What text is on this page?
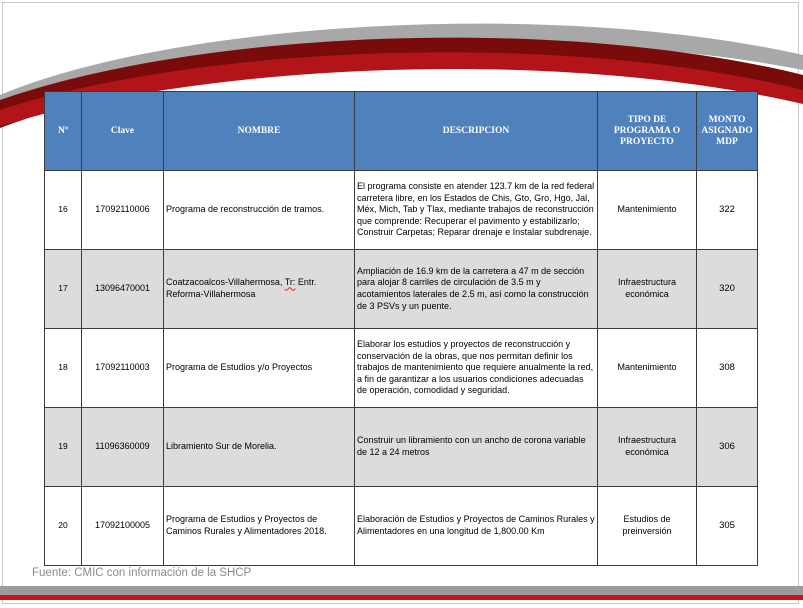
Nº	Clave	NOMBRE	DESCRIPCION	TIPO DE PROGRAMA O PROYECTO	MONTO ASIGNADO MDP
16	17092110006	Programa de reconstrucción de tramos.	El programa consiste en atender 123.7 km de la red federal carretera libre, en los Estados de Chis, Gto, Gro, Hgo, Jal, Méx, Mich, Tab y Tlax, mediante trabajos de reconstrucción que comprende: Recuperar el pavimento y estabilizarlo; Construir Carpetas; Reparar drenaje e Instalar subdrenaje.	Mantenimiento	322
17	13096470001	Coatzacoalcos-Villahermosa, Tr: Entr. Reforma-Villahermosa	Ampliación de 16.9 km de la carretera a 47 m de sección para alojar 8 carriles de circulación de 3.5 m y acotamientos laterales de 2.5 m, así como la construcción de 3 PSVs y un puente.	Infraestructura económica	320
18	17092110003	Programa de Estudios y/o Proyectos	Elaborar los estudios y proyectos de reconstrucción y conservación de la obras, que nos permitan definir los trabajos de mantenimiento que requiere anualmente la red, a fin de garantizar a los usuarios condiciones adecuadas de operación, comodidad y seguridad.	Mantenimiento	308
19	11096360009	Libramiento Sur de Morelia.	Construir un libramiento con un ancho de corona variable de 12 a 24 metros	Infraestructura económica	306
20	17092100005	Programa de Estudios y Proyectos de Caminos Rurales y Alimentadores 2018.	Elaboración de Estudios y Proyectos de Caminos Rurales y Alimentadores en una longitud de 1,800.00 Km	Estudios de preinversión	305
Fuente: CMIC con información de la SHCP
